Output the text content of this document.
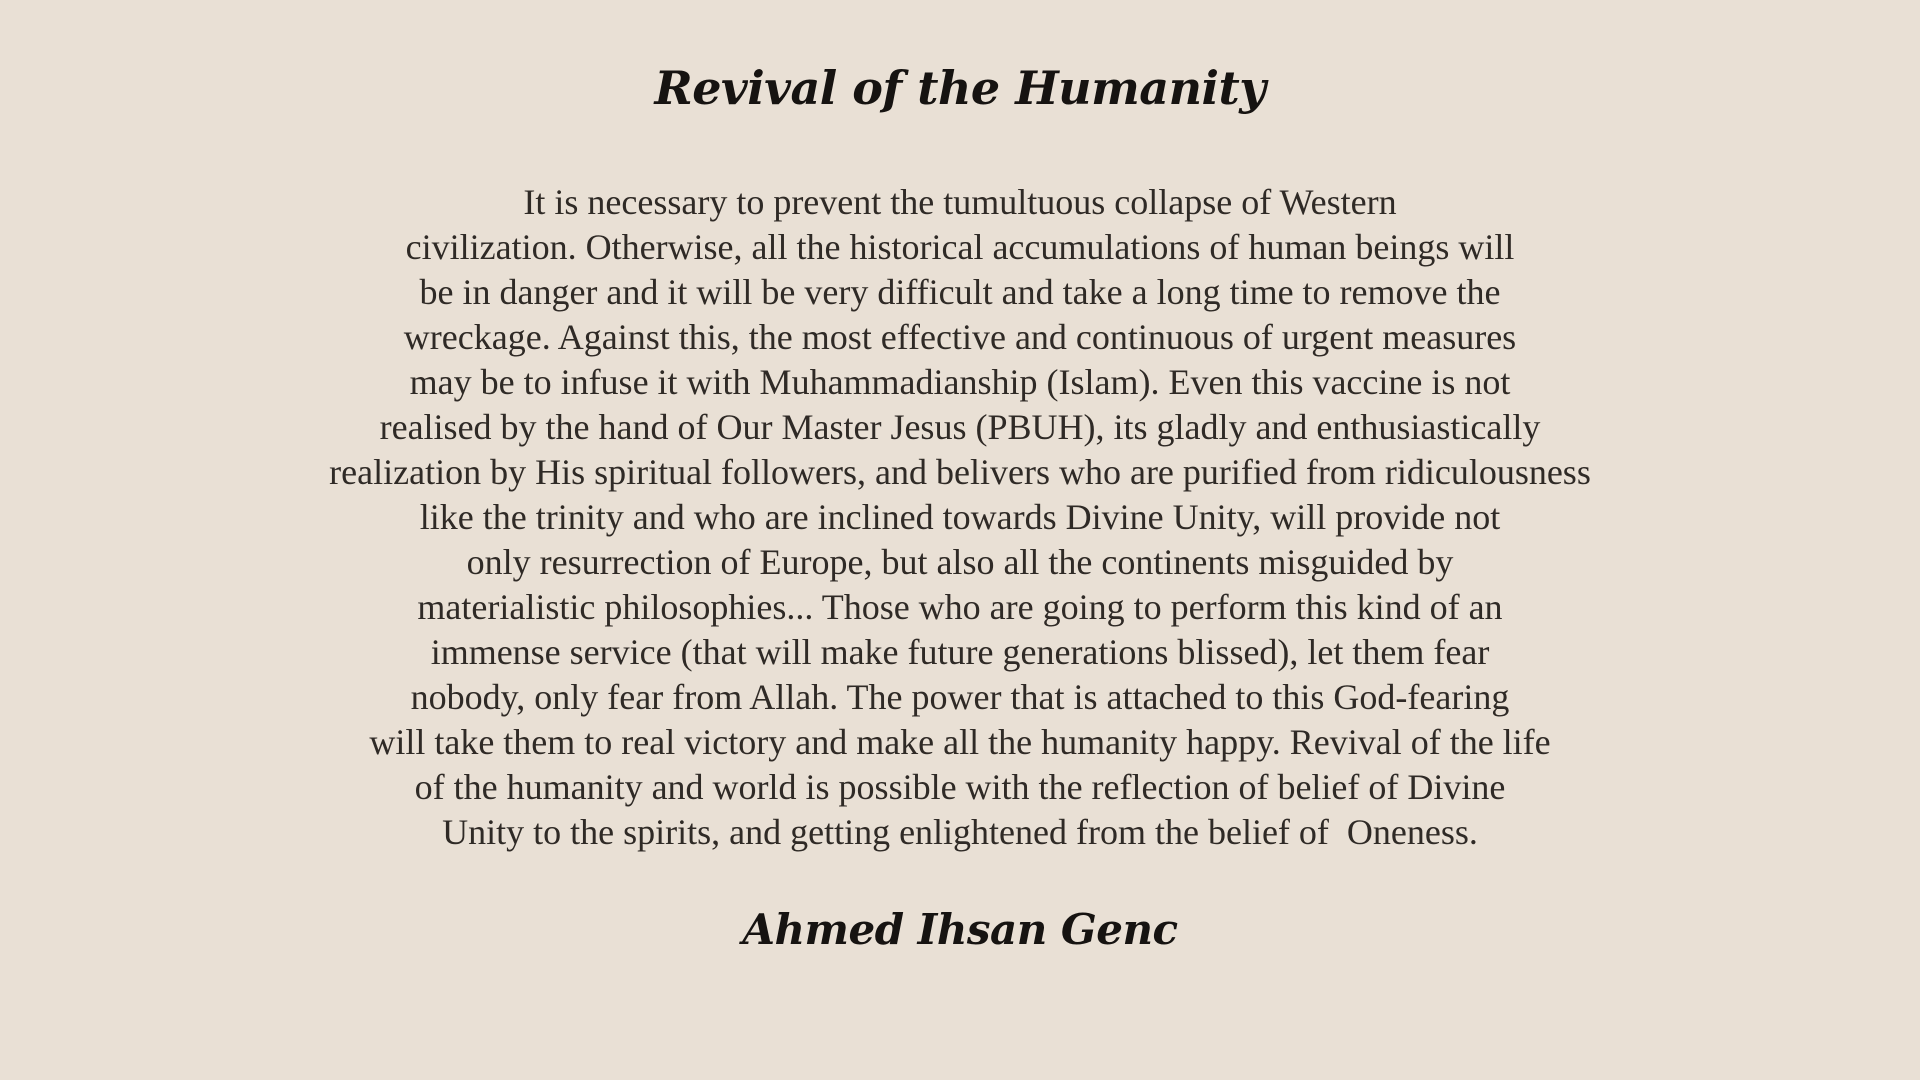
Revival of the Humanity
It is necessary to prevent the tumultuous collapse of Western
civilization. Otherwise, all the historical accumulations of human beings will
be in danger and it will be very difficult and take a long time to remove the
wreckage. Against this, the most effective and continuous of urgent measures
may be to infuse it with Muhammadianship (Islam). Even this vaccine is not
realised by the hand of Our Master Jesus (PBUH), its gladly and enthusiastically
realization by His spiritual followers, and belivers who are purified from ridiculousness
like the trinity and who are inclined towards Divine Unity, will provide not
only resurrection of Europe, but also all the continents misguided by
materialistic philosophies... Those who are going to perform this kind of an
immense service (that will make future generations blissed), let them fear
nobody, only fear from Allah. The power that is attached to this God-fearing
will take them to real victory and make all the humanity happy. Revival of the life
of the humanity and world is possible with the reflection of belief of Divine
Unity to the spirits, and getting enlightened from the belief of  Oneness.
Ahmed Ihsan Genc
